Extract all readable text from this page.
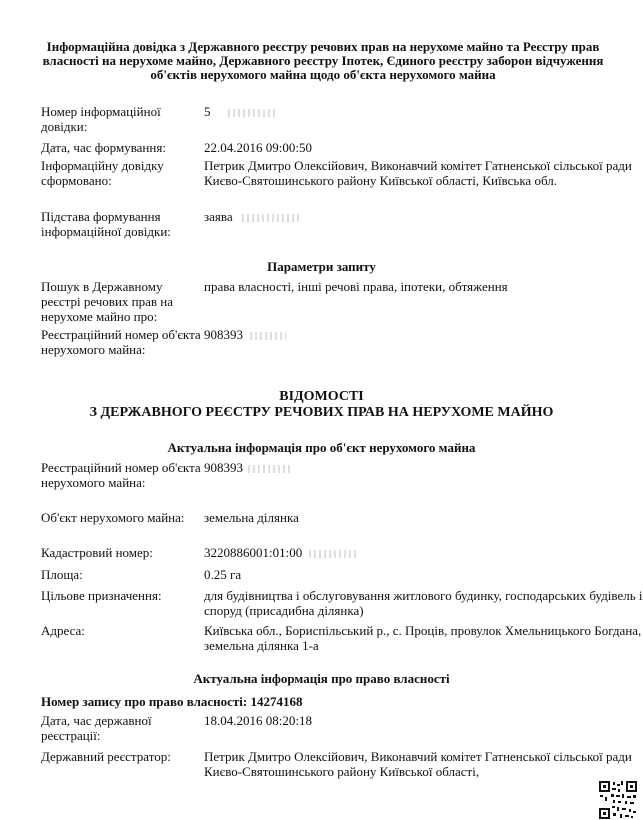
Інформаційна довідка з Державного реєстру речових прав на нерухоме майно та Реєстру прав власності на нерухоме майно, Державного реєстру Іпотек, Єдиного реєстру заборон відчуження об'єктів нерухомого майна щодо об'єкта нерухомого майна
Номер інформаційної довідки:
5
Дата, час формування:	22.04.2016 09:00:50
Інформаційну довідку сформовано:
Петрик Дмитро Олексійович, Виконавчий комітет Гатненської сільської ради Києво-Святошинського району Київської області, Київська обл.
Підстава формування інформаційної довідки:
заява
Параметри запиту
Пошук в Державному реєстрі речових прав на нерухоме майно про:
права власності, інші речові права, іпотеки, обтяження
Реєстраційний номер об'єкта нерухомого майна:
908393
ВІДОМОСТІ
З ДЕРЖАВНОГО РЕЄСТРУ РЕЧОВИХ ПРАВ НА НЕРУХОМЕ МАЙНО
Актуальна інформація про об'єкт нерухомого майна
Реєстраційний номер об'єкта нерухомого майна:
908393
Об'єкт нерухомого майна:	земельна ділянка
Кадастровий номер:	3220886001:01:00
Площа:	0.25 га
Цільове призначення:	для будівництва і обслуговування житлового будинку, господарських будівель і споруд (присадибна ділянка)
Адреса:	Київська обл., Бориспільський р., с. Проців, провулок Хмельницького Богдана, земельна ділянка 1-а
Актуальна інформація про право власності
Номер запису про право власності: 14274168
Дата, час державної реєстрації:
18.04.2016 08:20:18
Державний реєстратор:	Петрик Дмитро Олексійович, Виконавчий комітет Гатненської сільської ради Києво-Святошинського району Київської області,
